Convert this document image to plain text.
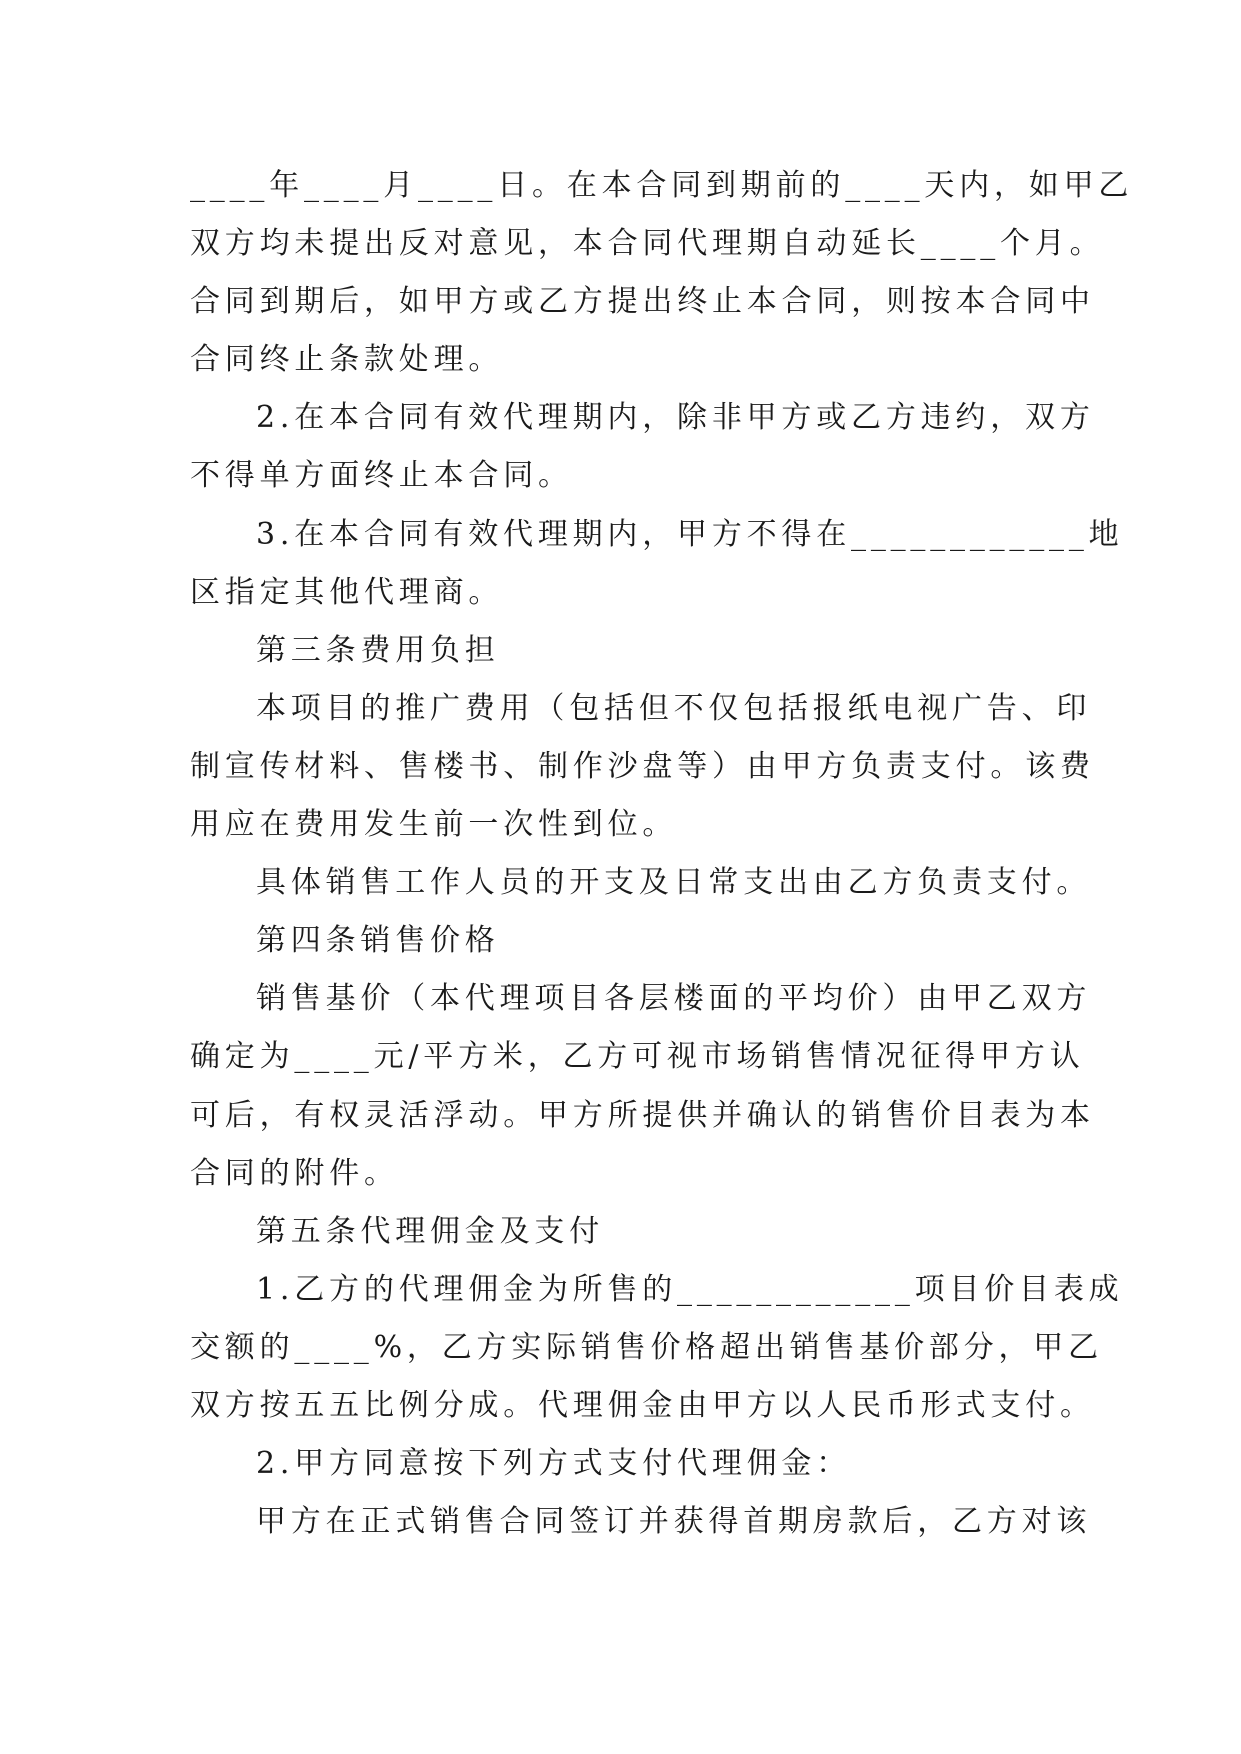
____年____月____日。在本合同到期前的____天内，如甲乙
双方均未提出反对意见，本合同代理期自动延长____个月。
合同到期后，如甲方或乙方提出终止本合同，则按本合同中
合同终止条款处理。
2.在本合同有效代理期内，除非甲方或乙方违约，双方
不得单方面终止本合同。
3.在本合同有效代理期内，甲方不得在____________地
区指定其他代理商。
第三条费用负担
本项目的推广费用（包括但不仅包括报纸电视广告、印
制宣传材料、售楼书、制作沙盘等）由甲方负责支付。该费
用应在费用发生前一次性到位。
具体销售工作人员的开支及日常支出由乙方负责支付。
第四条销售价格
销售基价（本代理项目各层楼面的平均价）由甲乙双方
确定为____元/平方米，乙方可视市场销售情况征得甲方认
可后，有权灵活浮动。甲方所提供并确认的销售价目表为本
合同的附件。
第五条代理佣金及支付
1.乙方的代理佣金为所售的____________项目价目表成
交额的____%，乙方实际销售价格超出销售基价部分，甲乙
双方按五五比例分成。代理佣金由甲方以人民币形式支付。
2.甲方同意按下列方式支付代理佣金：
甲方在正式销售合同签订并获得首期房款后，乙方对该
